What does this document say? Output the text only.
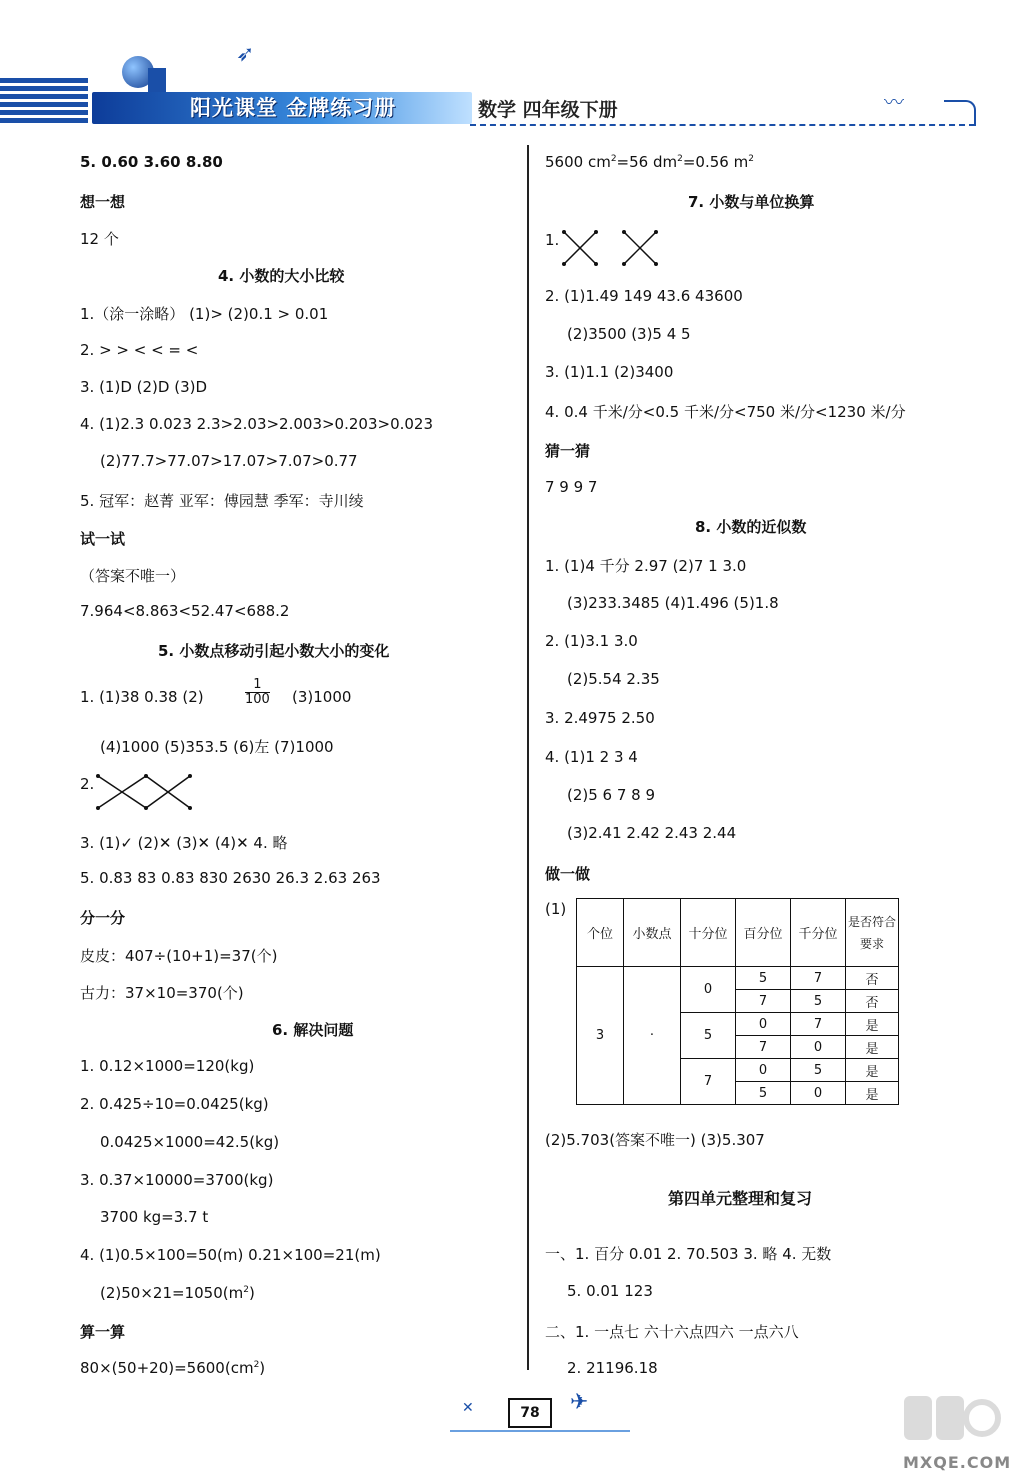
➶
阳光课堂 金牌练习册	数学 四年级下册	〰
5. 0.60 3.60 8.80
想一想
12 个
4. 小数的大小比较
1.（涂一涂略） (1)> (2)0.1 > 0.01
2. > > < < = <
3. (1)D (2)D (3)D
4. (1)2.3 0.023 2.3>2.03>2.003>0.203>0.023
(2)77.7>77.07>17.07>7.07>0.77
5. 冠军：赵菁 亚军：傅园慧 季军：寺川绫
试一试
（答案不唯一）
7.964<8.863<52.47<688.2
5. 小数点移动引起小数大小的变化
1. (1)38 0.38 (2)	$\frac{1}{100} (3)1000$
(4)1000 (5)353.5 (6)左 (7)1000
2.
3. (1)✓ (2)✕ (3)✕ (4)✕ 4. 略
5. 0.83 83 0.83 830 2630 26.3 2.63 263
分一分
皮皮：407÷(10+1)=37(个)
古力：37×10=370(个)
6. 解决问题
1. 0.12×1000=120(kg)
2. 0.425÷10=0.0425(kg)
0.0425×1000=42.5(kg)
3. 0.37×10000=3700(kg)
3700 kg=3.7 t
4. (1)0.5×100=50(m) 0.21×100=21(m)
$(2)50\times 21=1050(m^2)$
算一算
$80\times(50+20)=5600(cm^2)$
5600 $cm^2=56$ $dm^2=0.56$ $m^2$
7. 小数与单位换算
1.
2. (1)1.49 149 43.6 43600
(2)3500 (3)5 4 5
3. (1)1.1 (2)3400
4. 0.4 千米/分<0.5 千米/分<750 米/分<1230 米/分
猜一猜
7 9 9 7
8. 小数的近似数
1. (1)4 千分 2.97 (2)7 1 3.0
(3)233.3485 (4)1.496 (5)1.8
2. (1)3.1 3.0
(2)5.54 2.35
3. 2.4975 2.50
4. (1)1 2 3 4
(2)5 6 7 8 9
(3)2.41 2.42 2.43 2.44
做一做
(1)
个位	小数点	十分位	百分位	千分位	是否符合要求
3	·	0	5	7	否
			7	5	否
		5	0	7	是
			7	0	是
		7	0	5	是
			5	0	是
(2)5.703(答案不唯一) (3)5.307
第四单元整理和复习
一、1. 百分 0.01 2. 70.503 3. 略 4. 无数
5. 0.01 123
二、1. 一点七 六十六点四六 一点六八
2. 21196.18
✕	✈
78
MXQE.COM
